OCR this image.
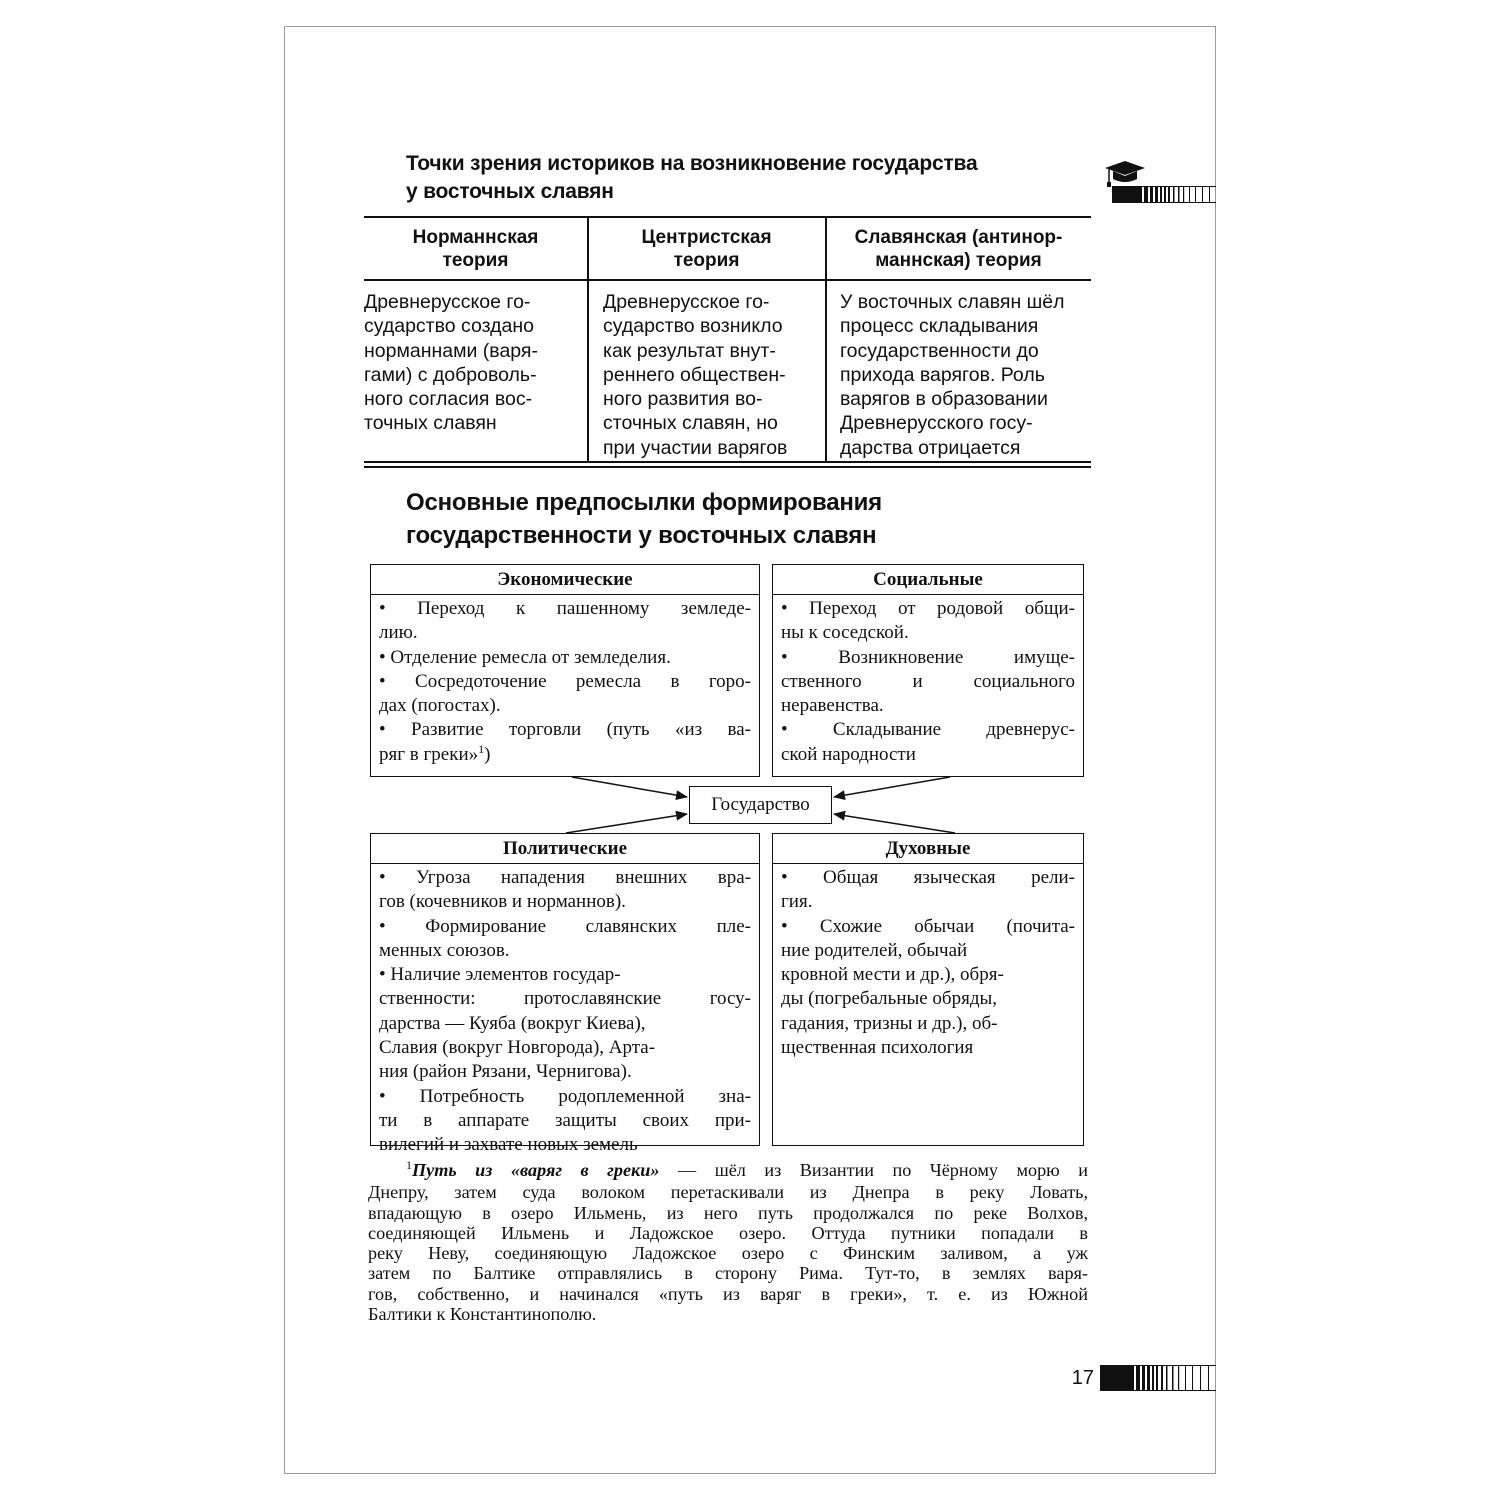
Точки зрения историков на возникновение государства
у восточных славян
Норманнская
теория
Центристская
теория
Славянская (антинор-
маннская) теория
Древнерусское го-
сударство создано
норманнами (варя-
гами) с доброволь-
ного согласия вос-
точных славян
Древнерусское го-
сударство возникло
как результат внут-
реннего обществен-
ного развития во-
сточных славян, но
при участии варягов
У восточных славян шёл
процесс складывания
государственности до
прихода варягов. Роль
варягов в образовании
Древнерусского госу-
дарства отрицается
Основные предпосылки формирования
государственности у восточных славян
Экономические
• Переход к пашенному земледе-
лию.
• Отделение ремесла от земледелия.
• Сосредоточение ремесла в горо-
дах (погостах).
• Развитие торговли (путь «из ва-
ряг в греки»$^1$)
Социальные
• Переход от родовой общи-
ны к соседской.
• Возникновение имуще-
ственного и социального
неравенства.
• Складывание древнерус-
ской народности
Государство
Политические
• Угроза нападения внешних вра-
гов (кочевников и норманнов).
• Формирование славянских пле-
менных союзов.
• Наличие элементов государ-
ственности: протославянские госу-
дарства — Куяба (вокруг Киева),
Славия (вокруг Новгорода), Арта-
ния (район Рязани, Чернигова).
• Потребность родоплеменной зна-
ти в аппарате защиты своих при-
вилегий и захвате новых земель
Духовные
• Общая языческая рели-
гия.
• Схожие обычаи (почита-
ние родителей, обычай
кровной мести и др.), обря-
ды (погребальные обряды,
гадания, тризны и др.), об-
щественная психология
$^1$Путь из «варяг в греки» — шёл из Византии по Чёрному морю и
Днепру, затем суда волоком перетаскивали из Днепра в реку Ловать,
впадающую в озеро Ильмень, из него путь продолжался по реке Волхов,
соединяющей Ильмень и Ладожское озеро. Оттуда путники попадали в
реку Неву, соединяющую Ладожское озеро с Финским заливом, а уж
затем по Балтике отправлялись в сторону Рима. Тут-то, в землях варя-
гов, собственно, и начинался «путь из варяг в греки», т. е. из Южной
Балтики к Константинополю.
17
